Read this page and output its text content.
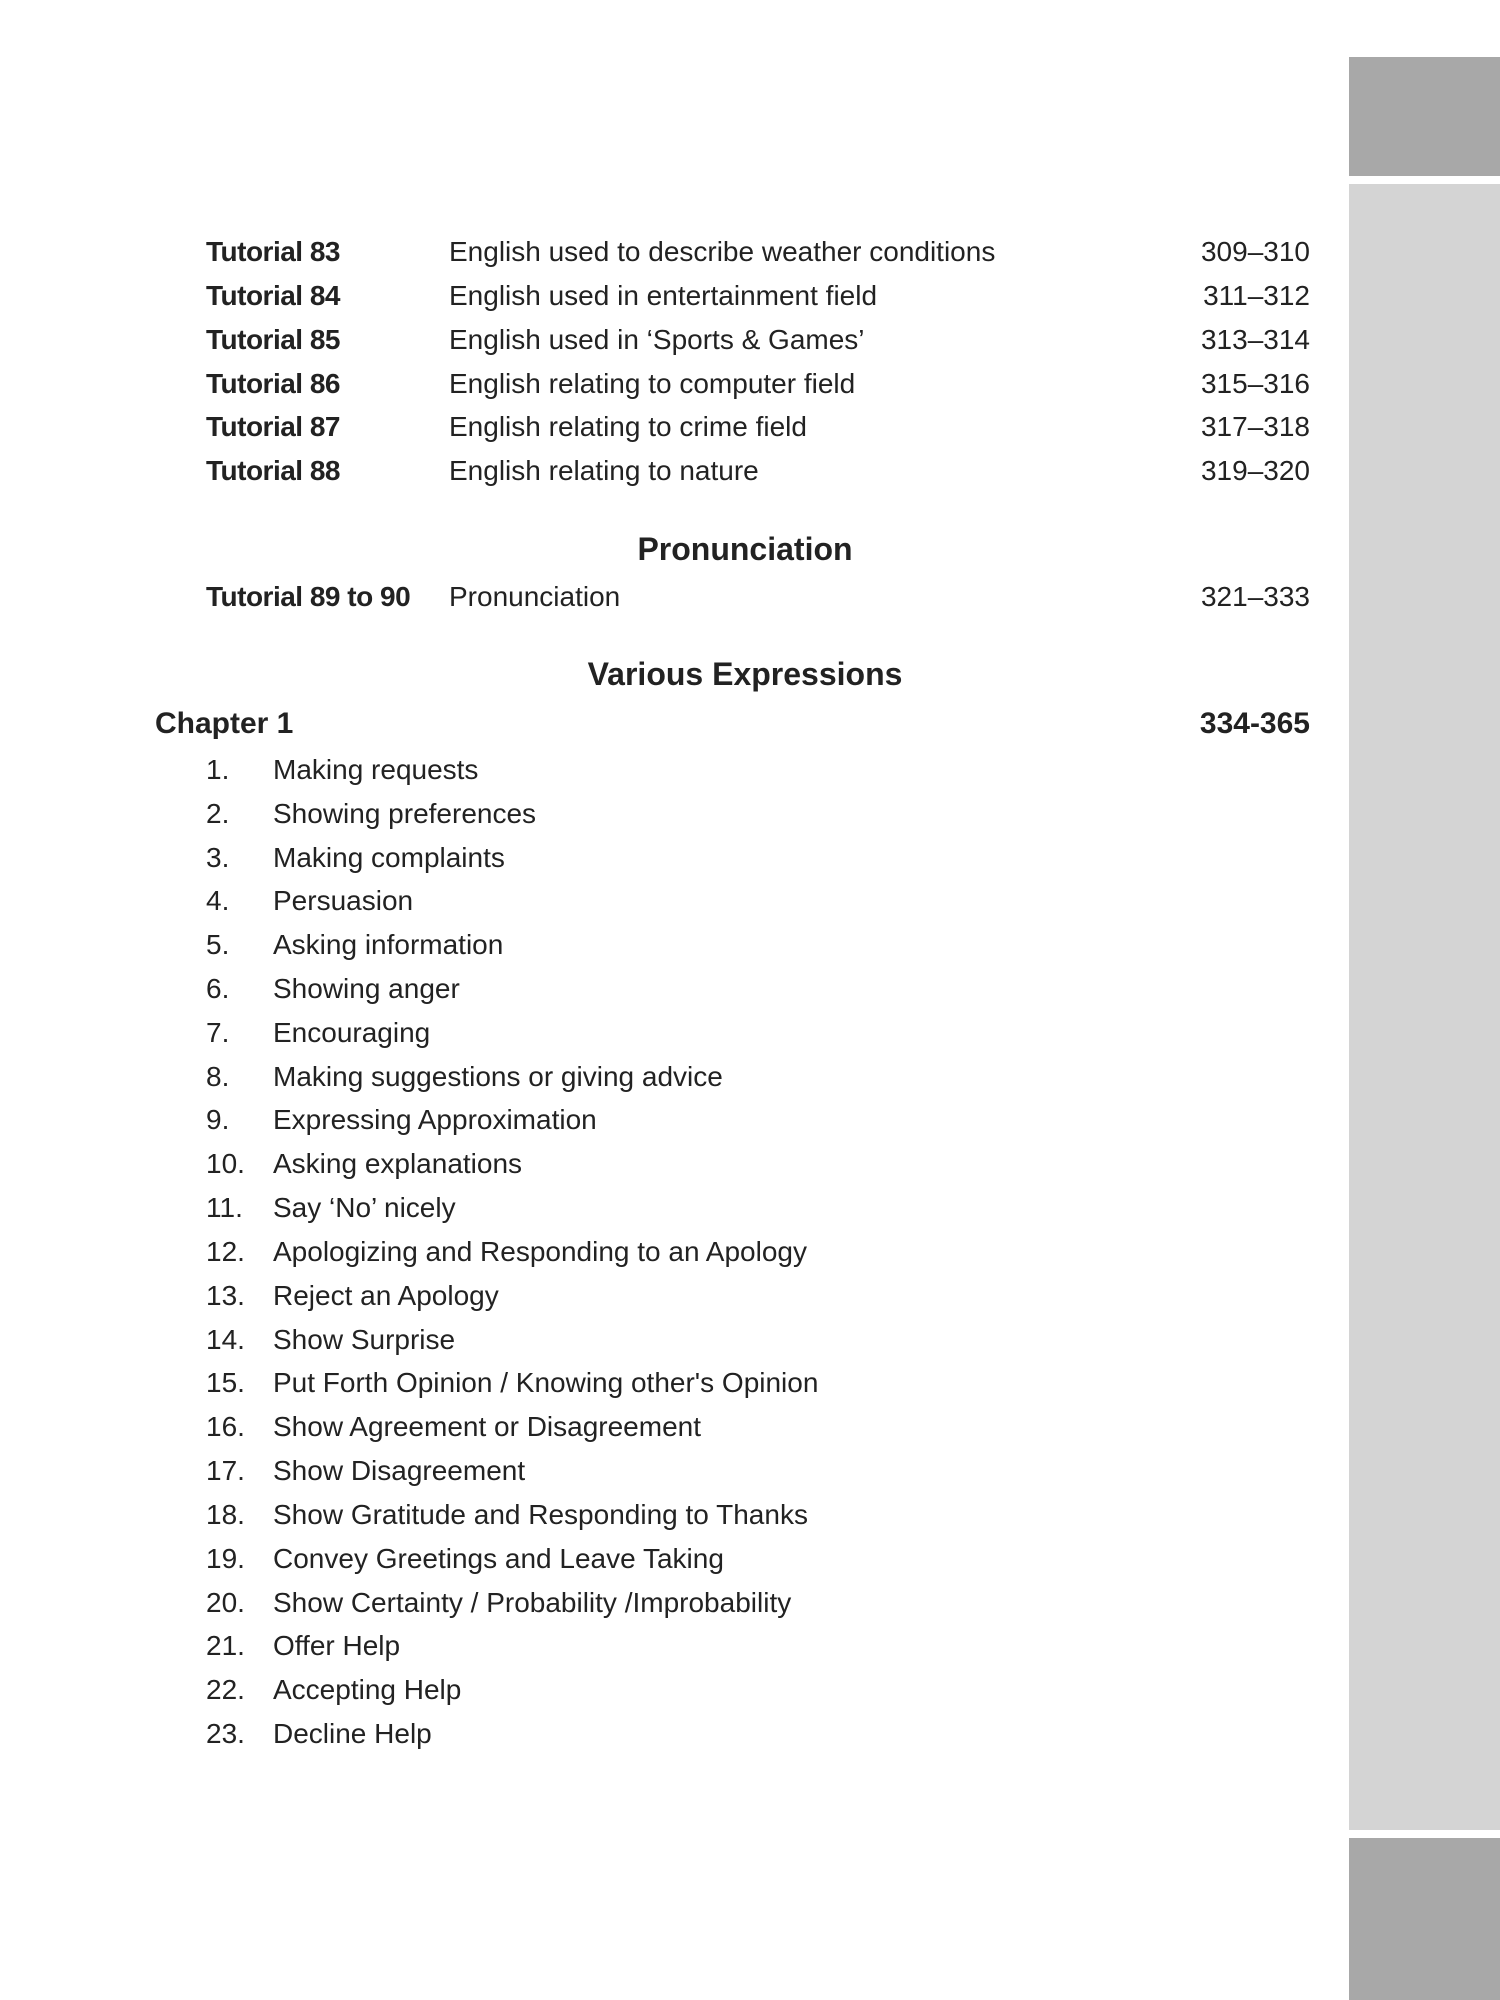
Tutorial 83	English used to describe weather conditions	309–310
Tutorial 84	English used in entertainment field	311–312
Tutorial 85	English used in ‘Sports & Games’	313–314
Tutorial 86	English relating to computer field	315–316
Tutorial 87	English relating to crime field	317–318
Tutorial 88	English relating to nature	319–320
Pronunciation
Tutorial 89 to 90 Pronunciation	321–333
Various Expressions
Chapter 1	334-365
1. Making requests
2. Showing preferences
3. Making complaints
4. Persuasion
5. Asking information
6. Showing anger
7. Encouraging
8. Making suggestions or giving advice
9. Expressing Approximation
10. Asking explanations
11. Say ‘No’ nicely
12. Apologizing and Responding to an Apology
13. Reject an Apology
14. Show Surprise
15. Put Forth Opinion / Knowing other's Opinion
16. Show Agreement or Disagreement
17. Show Disagreement
18. Show Gratitude and Responding to Thanks
19. Convey Greetings and Leave Taking
20. Show Certainty / Probability /Improbability
21. Offer Help
22. Accepting Help
23. Decline Help
